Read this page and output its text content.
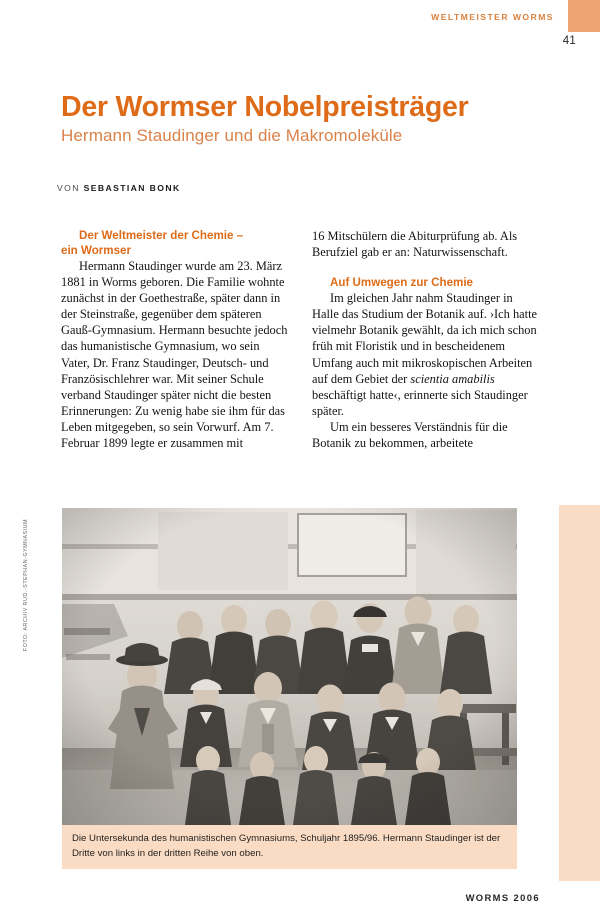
WELTMEISTER WORMS
41
Der Wormser Nobelpreisträger
Hermann Staudinger und die Makromoleküle
VON SEBASTIAN BONK
Der Weltmeister der Chemie –
ein Wormser

Hermann Staudinger wurde am 23. März 1881 in Worms geboren. Die Familie wohnte zunächst in der Goethestraße, später dann in der Steinstraße, gegenüber dem späteren Gauß-Gymnasium. Hermann besuchte jedoch das humanistische Gymnasium, wo sein Vater, Dr. Franz Staudinger, Deutsch- und Französischlehrer war. Mit seiner Schule verband Staudinger später nicht die besten Erinnerungen: Zu wenig habe sie ihm für das Leben mitgegeben, so sein Vorwurf. Am 7. Februar 1899 legte er zusammen mit

16 Mitschülern die Abiturprüfung ab. Als Berufziel gab er an: Naturwissenschaft.

Auf Umwegen zur Chemie

Im gleichen Jahr nahm Staudinger in Halle das Studium der Botanik auf. ›Ich hatte vielmehr Botanik gewählt, da ich mich schon früh mit Floristik und in bescheidenem Umfang auch mit mikroskopischen Arbeiten auf dem Gebiet der scientia amabilis beschäftigt hatte‹, erinnerte sich Staudinger später.

Um ein besseres Verständnis für die Botanik zu bekommen, arbeitete

FOTO: ARCHIV RUD.-STEPHAN-GYMNASIUM
Die Untersekunda des humanistischen Gymnasiums, Schuljahr 1895/96. Hermann Staudinger ist der Dritte von links in der dritten Reihe von oben.
WORMS 2006
